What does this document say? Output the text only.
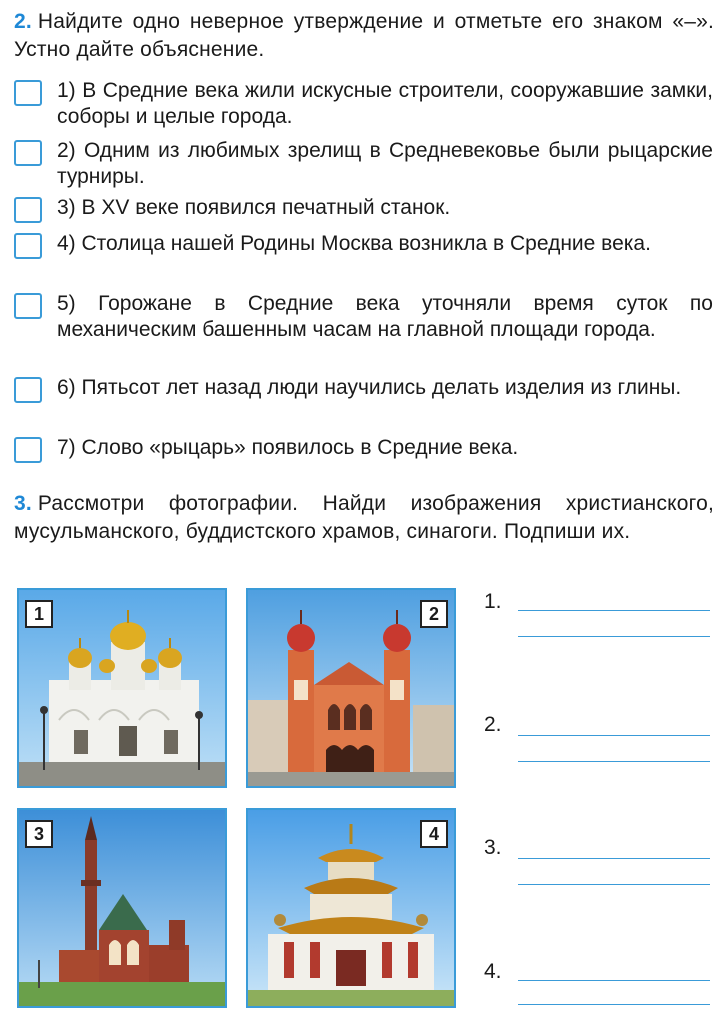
2. Найдите одно неверное утверждение и отметьте его знаком «–». Устно дайте объяснение.
1) В Средние века жили искусные строители, сооружавшие замки, соборы и целые города.
2) Одним из любимых зрелищ в Средневековье были рыцарские турниры.
3) В XV веке появился печатный станок.
4) Столица нашей Родины Москва возникла в Средние века.
5) Горожане в Средние века уточняли время суток по механическим башенным часам на главной площади города.
6) Пятьсот лет назад люди научились делать изделия из глины.
7) Слово «рыцарь» появилось в Средние века.
3. Рассмотри фотографии. Найди изображения христианского, мусульманского, буддистского храмов, синагоги. Подпиши их.
1	2
3	4
1.
2.
3.
4.
